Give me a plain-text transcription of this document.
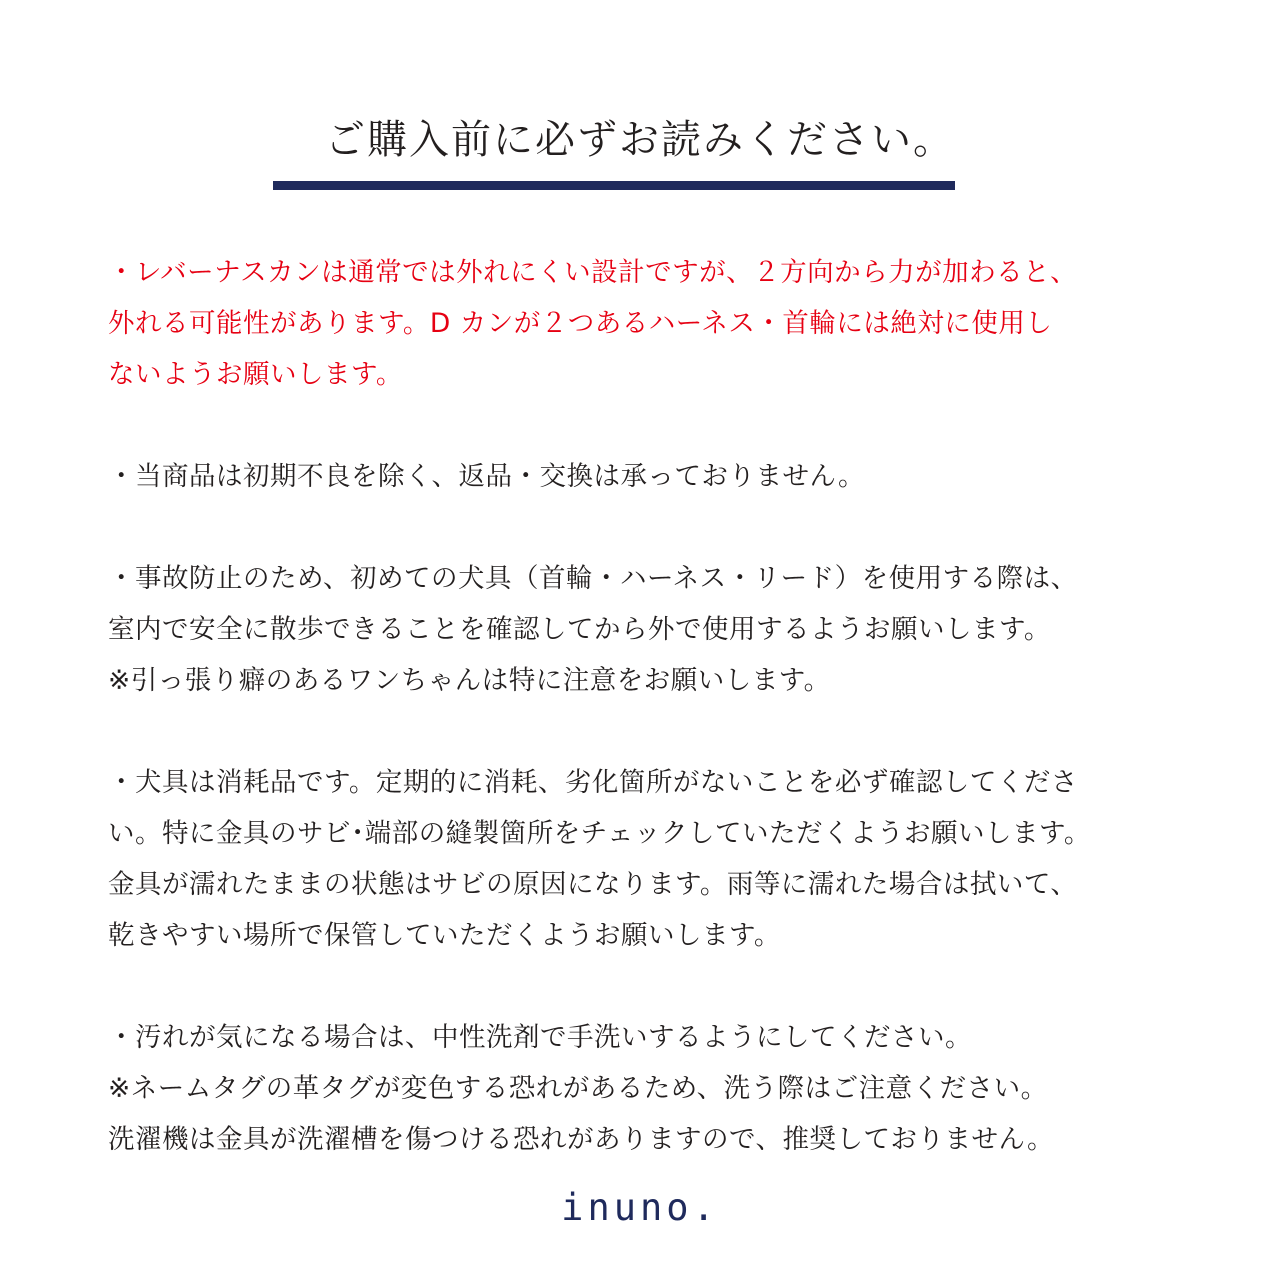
ご購入前に必ずお読みください。
・レバーナスカンは通常では外れにくい設計ですが、２方向から力が加わると、
外れる可能性があります。D カンが２つあるハーネス・首輪には絶対に使用し
ないようお願いします。
・当商品は初期不良を除く、返品・交換は承っておりません。
・事故防止のため、初めての犬具（首輪・ハーネス・リード）を使用する際は、
室内で安全に散歩できることを確認してから外で使用するようお願いします。
※引っ張り癖のあるワンちゃんは特に注意をお願いします。
・犬具は消耗品です。定期的に消耗、劣化箇所がないことを必ず確認してくださ
い。特に金具のサビ･端部の縫製箇所をチェックしていただくようお願いします。
金具が濡れたままの状態はサビの原因になります。雨等に濡れた場合は拭いて、
乾きやすい場所で保管していただくようお願いします。
・汚れが気になる場合は、中性洗剤で手洗いするようにしてください。
※ネームタグの革タグが変色する恐れがあるため、洗う際はご注意ください。
洗濯機は金具が洗濯槽を傷つける恐れがありますので、推奨しておりません。
inuno.
